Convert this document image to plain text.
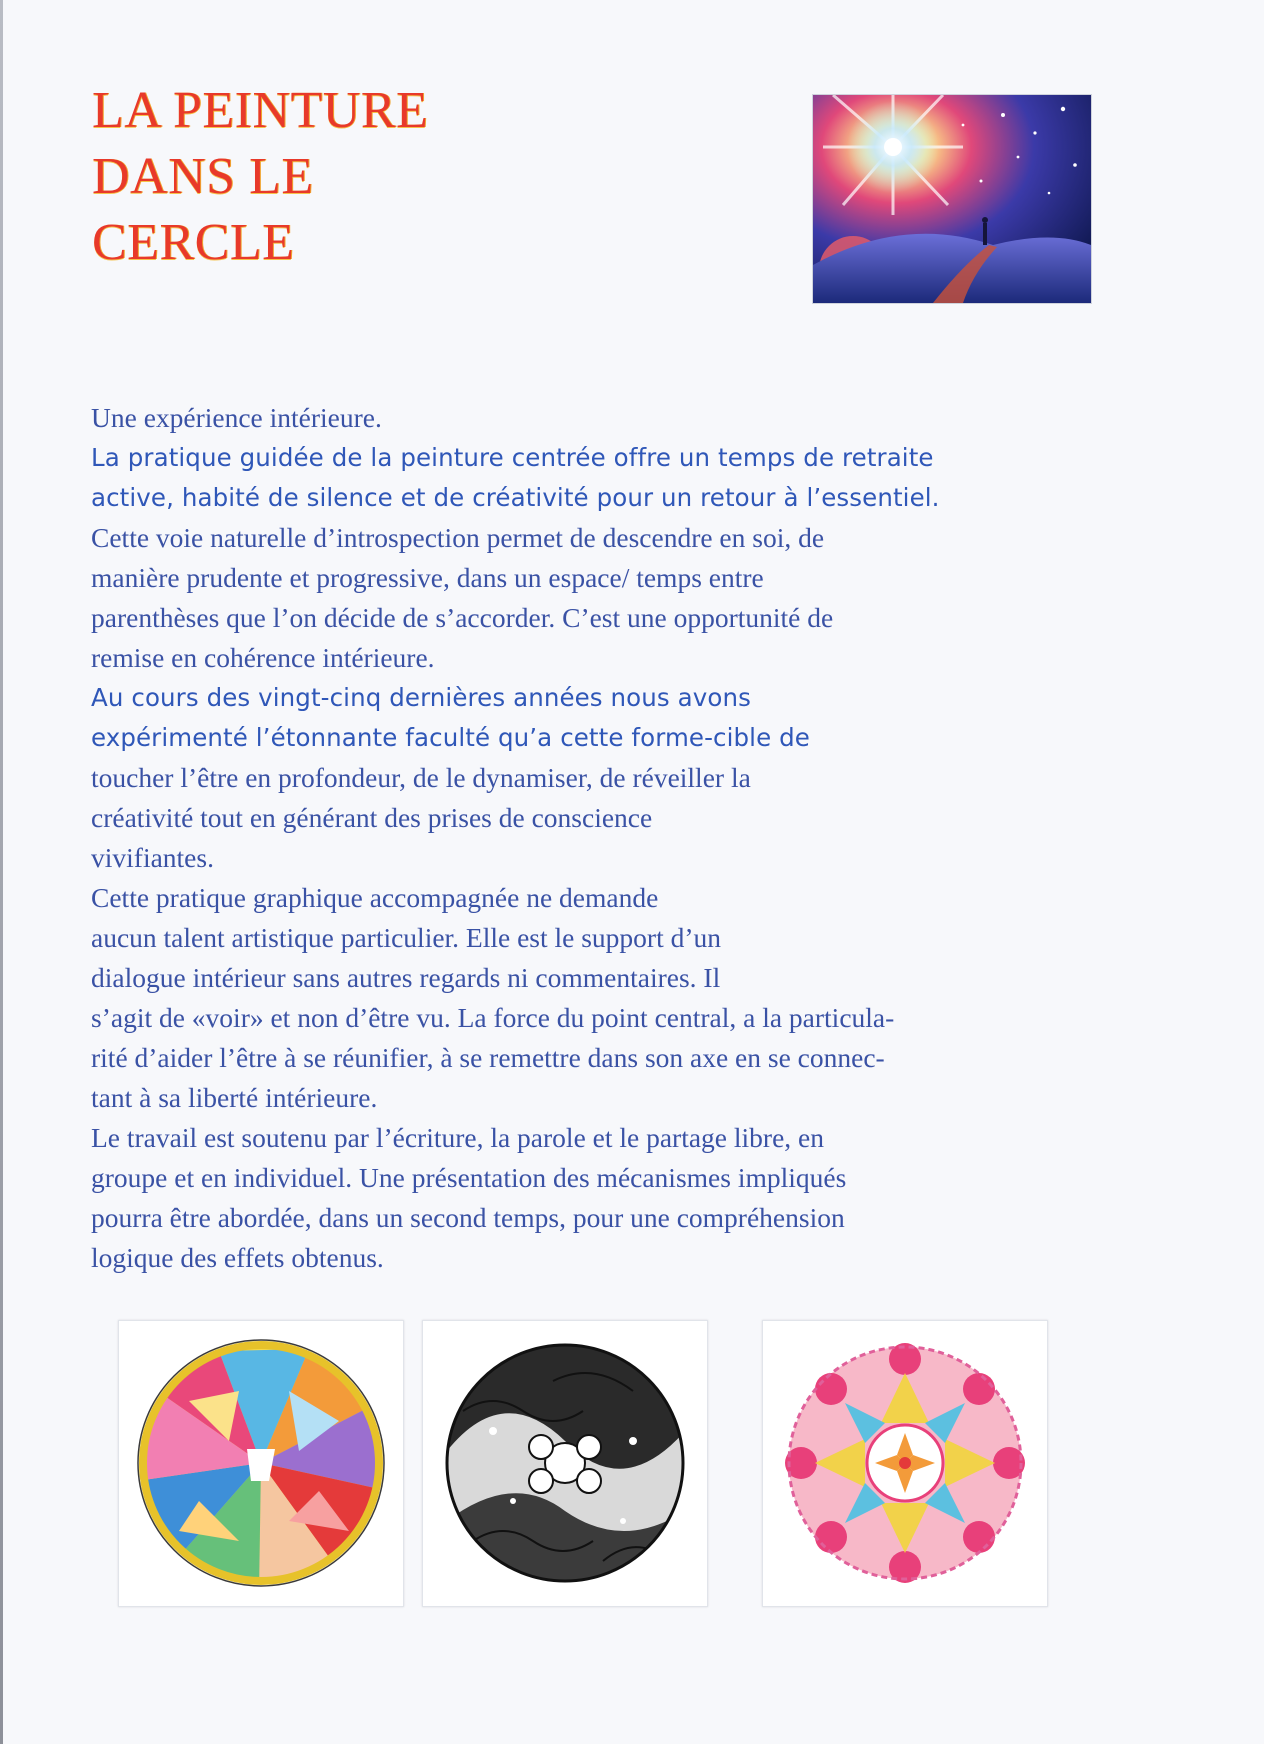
LA PEINTURE
DANS LE
CERCLE

Une expérience intérieure.

La pratique guidée de la peinture centrée offre un temps de retraite

active, habité de silence et de créativité pour un retour à l’essentiel.

Cette voie naturelle d’introspection permet de descendre en soi, de

manière prudente et progressive, dans un espace/ temps entre

parenthèses que l’on décide de s’accorder. C’est une opportunité de

remise en cohérence intérieure.

Au cours des vingt-cinq dernières années nous avons

expérimenté l’étonnante faculté qu’a cette forme-cible de

toucher l’être en profondeur, de le dynamiser, de réveiller la

créativité tout en générant des prises de conscience

vivifiantes.

Cette pratique graphique accompagnée ne demande

aucun talent artistique particulier. Elle est le support d’un

dialogue intérieur sans autres regards ni commentaires. Il

s’agit de «voir» et non d’être vu. La force du point central, a la particula-

rité d’aider l’être à se réunifier, à se remettre dans son axe en se connec-

tant à sa liberté intérieure.

Le travail est soutenu par l’écriture, la parole et le partage libre, en

groupe et en individuel. Une présentation des mécanismes impliqués

pourra être abordée, dans un second temps, pour une compréhension

logique des effets obtenus.
